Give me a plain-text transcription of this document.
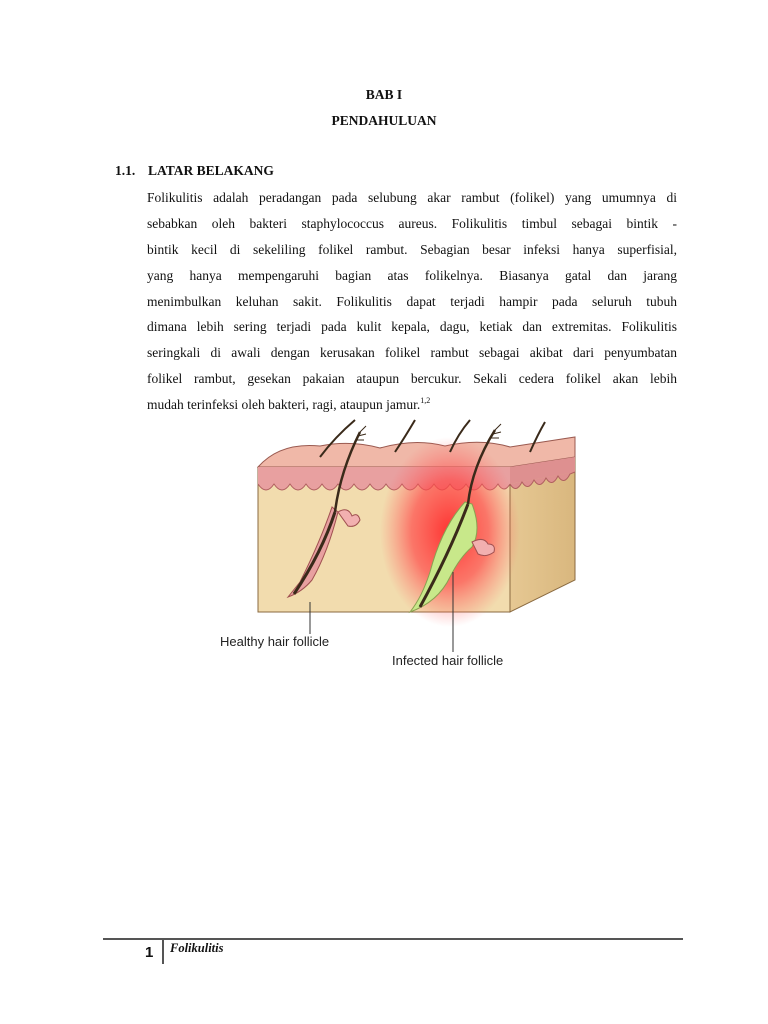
BAB I
PENDAHULUAN
1.1. LATAR BELAKANG
Folikulitis adalah peradangan pada selubung akar rambut (folikel) yang umumnya di
sebabkan oleh bakteri staphylococcus aureus. Folikulitis timbul sebagai bintik -
bintik kecil di sekeliling folikel rambut. Sebagian besar infeksi hanya superfisial,
yang hanya mempengaruhi bagian atas folikelnya. Biasanya gatal dan jarang
menimbulkan keluhan sakit. Folikulitis dapat terjadi hampir pada seluruh tubuh
dimana lebih sering terjadi pada kulit kepala, dagu, ketiak dan extremitas. Folikulitis
seringkali di awali dengan kerusakan folikel rambut sebagai akibat dari penyumbatan
folikel rambut, gesekan pakaian ataupun bercukur. Sekali cedera folikel akan lebih
mudah terinfeksi oleh bakteri, ragi, ataupun jamur.$^{1,2}$
Healthy hair follicle
Infected hair follicle
1 Folikulitis
